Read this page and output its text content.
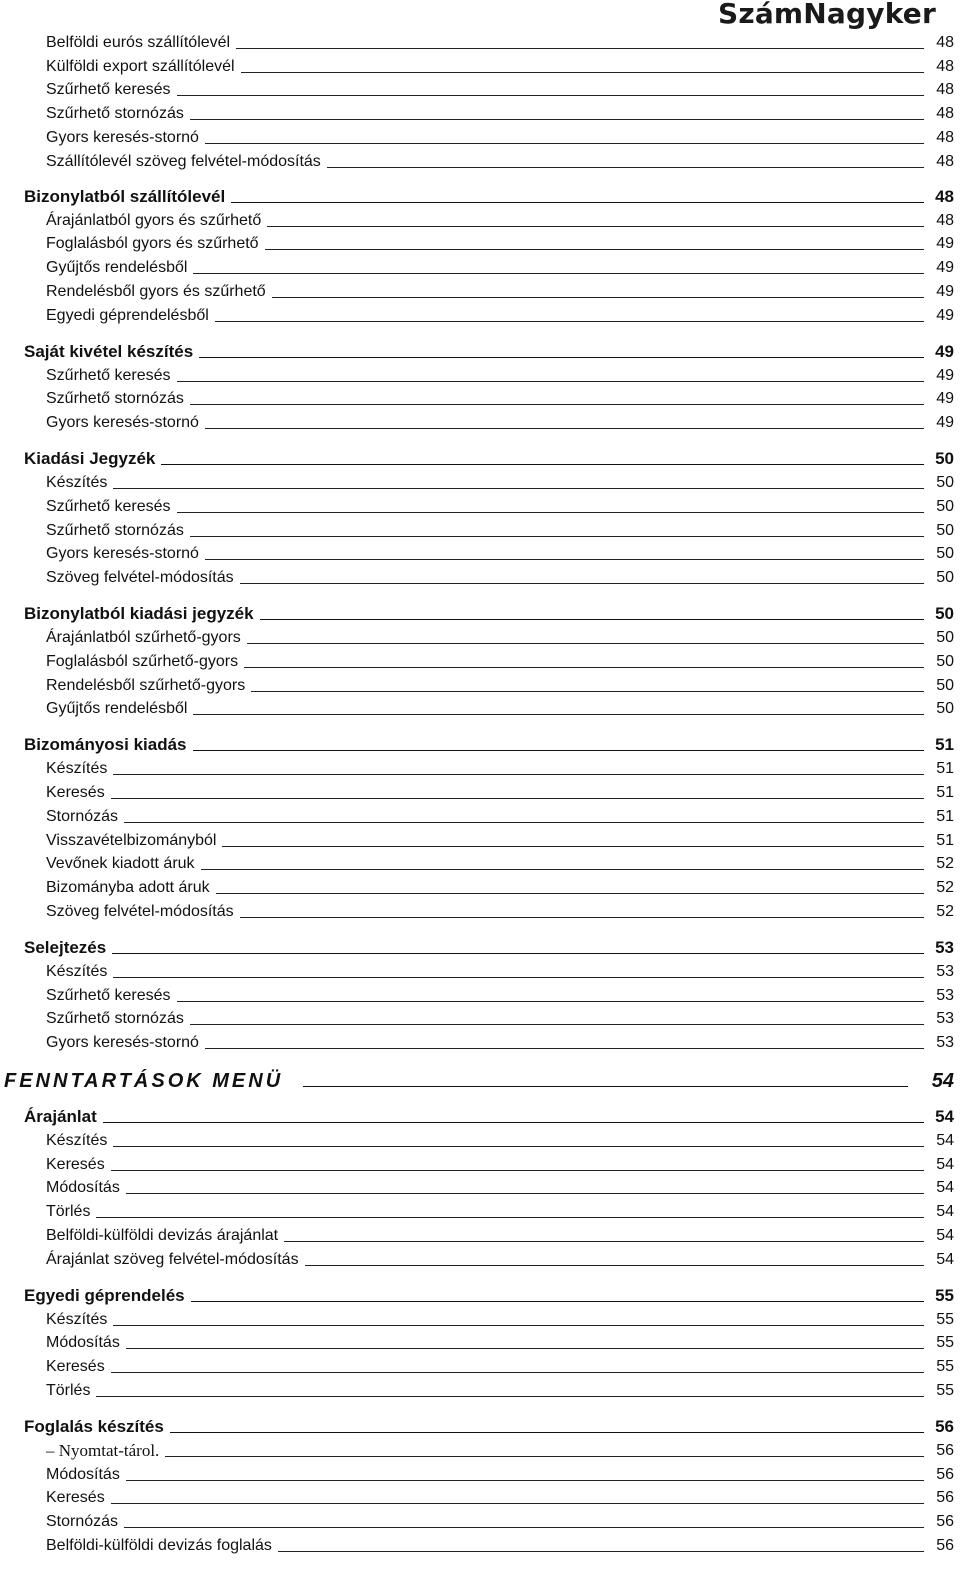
SzámNagyker
Belföldi eurós szállítólevél	48
Külföldi export szállítólevél	48
Szűrhető keresés	48
Szűrhető stornózás	48
Gyors keresés-stornó	48
Szállítólevél szöveg felvétel-módosítás	48
Bizonylatból szállítólevél	48
Árajánlatból gyors és szűrhető	48
Foglalásból gyors és szűrhető	49
Gyűjtős rendelésből	49
Rendelésből gyors és szűrhető	49
Egyedi géprendelésből	49
Saját kivétel készítés	49
Szűrhető keresés	49
Szűrhető stornózás	49
Gyors keresés-stornó	49
Kiadási Jegyzék	50
Készítés	50
Szűrhető keresés	50
Szűrhető stornózás	50
Gyors keresés-stornó	50
Szöveg felvétel-módosítás	50
Bizonylatból kiadási jegyzék	50
Árajánlatból szűrhető-gyors	50
Foglalásból szűrhető-gyors	50
Rendelésből szűrhető-gyors	50
Gyűjtős rendelésből	50
Bizományosi kiadás	51
Készítés	51
Keresés	51
Stornózás	51
Visszavételbizományból	51
Vevőnek kiadott áruk	52
Bizományba adott áruk	52
Szöveg felvétel-módosítás	52
Selejtezés	53
Készítés	53
Szűrhető keresés	53
Szűrhető stornózás	53
Gyors keresés-stornó	53
FENNTARTÁSOK MENÜ	54
Árajánlat	54
Készítés	54
Keresés	54
Módosítás	54
Törlés	54
Belföldi-külföldi devizás árajánlat	54
Árajánlat szöveg felvétel-módosítás	54
Egyedi géprendelés	55
Készítés	55
Módosítás	55
Keresés	55
Törlés	55
Foglalás készítés	56
– Nyomtat-tárol.	56
Módosítás	56
Keresés	56
Stornózás	56
Belföldi-külföldi devizás foglalás	56
